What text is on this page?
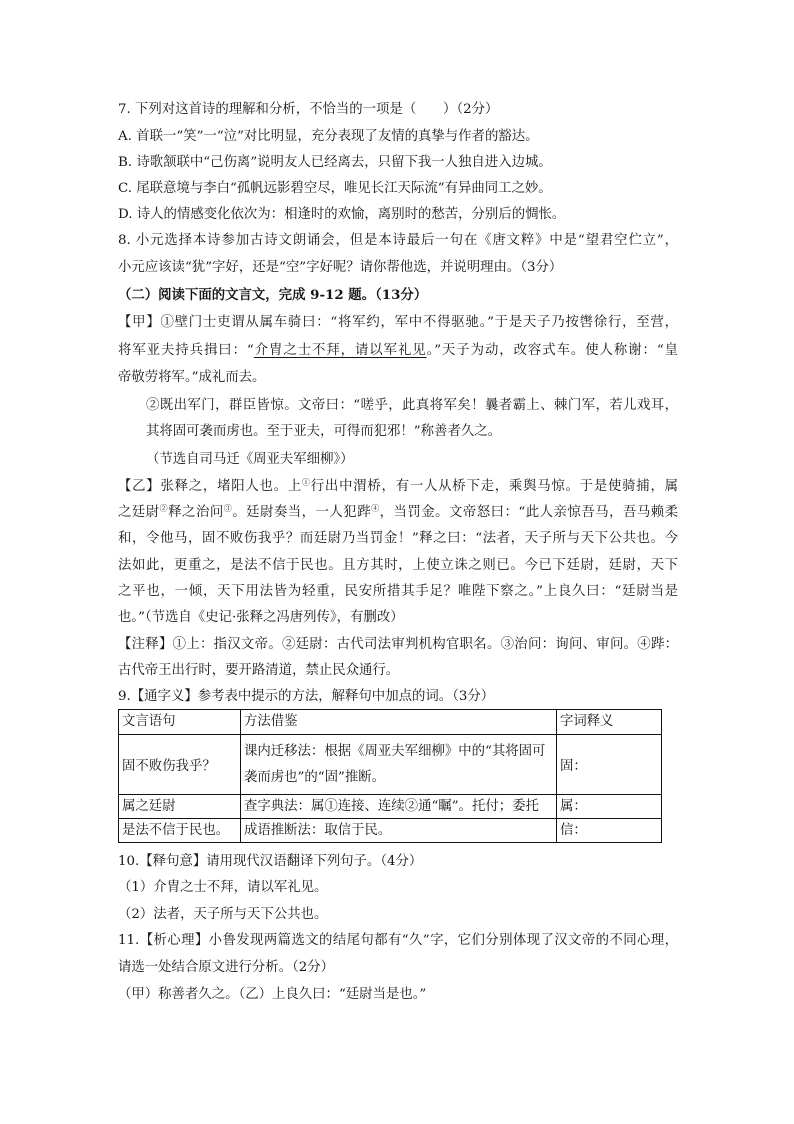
7. 下列对这首诗的理解和分析，不恰当的一项是（　　）（2分）
A. 首联一“笑”一“泣”对比明显，充分表现了友情的真挚与作者的豁达。
B. 诗歌颔联中“己伤离”说明友人已经离去，只留下我一人独自进入边城。
C. 尾联意境与李白“孤帆远影碧空尽，唯见长江天际流”有异曲同工之妙。
D. 诗人的情感变化依次为：相逢时的欢愉，离别时的愁苦，分别后的惆怅。
8. 小元选择本诗参加古诗文朗诵会，但是本诗最后一句在《唐文粹》中是“望君空伫立”，
小元应该读“犹”字好，还是“空”字好呢？请你帮他选，并说明理由。（3分）
（二）阅读下面的文言文，完成 9-12 题。（13分）
【甲】①壁门士吏谓从属车骑曰：“将军约，军中不得驱驰。”于是天子乃按辔徐行，至营，
将军亚夫持兵揖曰：“介胄之士不拜，请以军礼见。”天子为动，改容式车。使人称谢：“皇
帝敬劳将军。”成礼而去。
②既出军门，群臣皆惊。文帝曰：“嗟乎，此真将军矣！曩者霸上、棘门军，若儿戏耳，
其将固可袭而虏也。至于亚夫，可得而犯邪！”称善者久之。
（节选自司马迁《周亚夫军细柳》）
【乙】张释之，堵阳人也。上①行出中渭桥，有一人从桥下走，乘舆马惊。于是使骑捕，属
之廷尉②释之治问③。廷尉奏当，一人犯跸④，当罚金。文帝怒曰：“此人亲惊吾马，吾马赖柔
和，令他马，固不败伤我乎？而廷尉乃当罚金！”释之曰：“法者，天子所与天下公共也。今
法如此，更重之，是法不信于民也。且方其时，上使立诛之则已。今已下廷尉，廷尉，天下
之平也，一倾，天下用法皆为轻重，民安所措其手足？唯陛下察之。”上良久曰：“廷尉当是
也。”（节选自《史记·张释之冯唐列传》，有删改）
【注释】①上：指汉文帝。②廷尉：古代司法审判机构官职名。③治问：询问、审问。④跸：
古代帝王出行时，要开路清道，禁止民众通行。
9.【通字义】参考表中提示的方法，解释句中加点的词。（3分）
文言语句	方法借鉴	字词释义
固不败伤我乎？	课内迁移法：根据《周亚夫军细柳》中的“其将固可
袭而虏也”的“固”推断。	固：
属之廷尉	查字典法：属①连接、连续②通“瞩”。托付；委托	属：
是法不信于民也。	成语推断法：取信于民。	信：
10.【释句意】请用现代汉语翻译下列句子。（4分）
（1）介胄之士不拜，请以军礼见。
（2）法者，天子所与天下公共也。
11.【析心理】小鲁发现两篇选文的结尾句都有“久”字，它们分别体现了汉文帝的不同心理，
请选一处结合原文进行分析。（2分）
（甲）称善者久之。（乙）上良久曰：“廷尉当是也。”
